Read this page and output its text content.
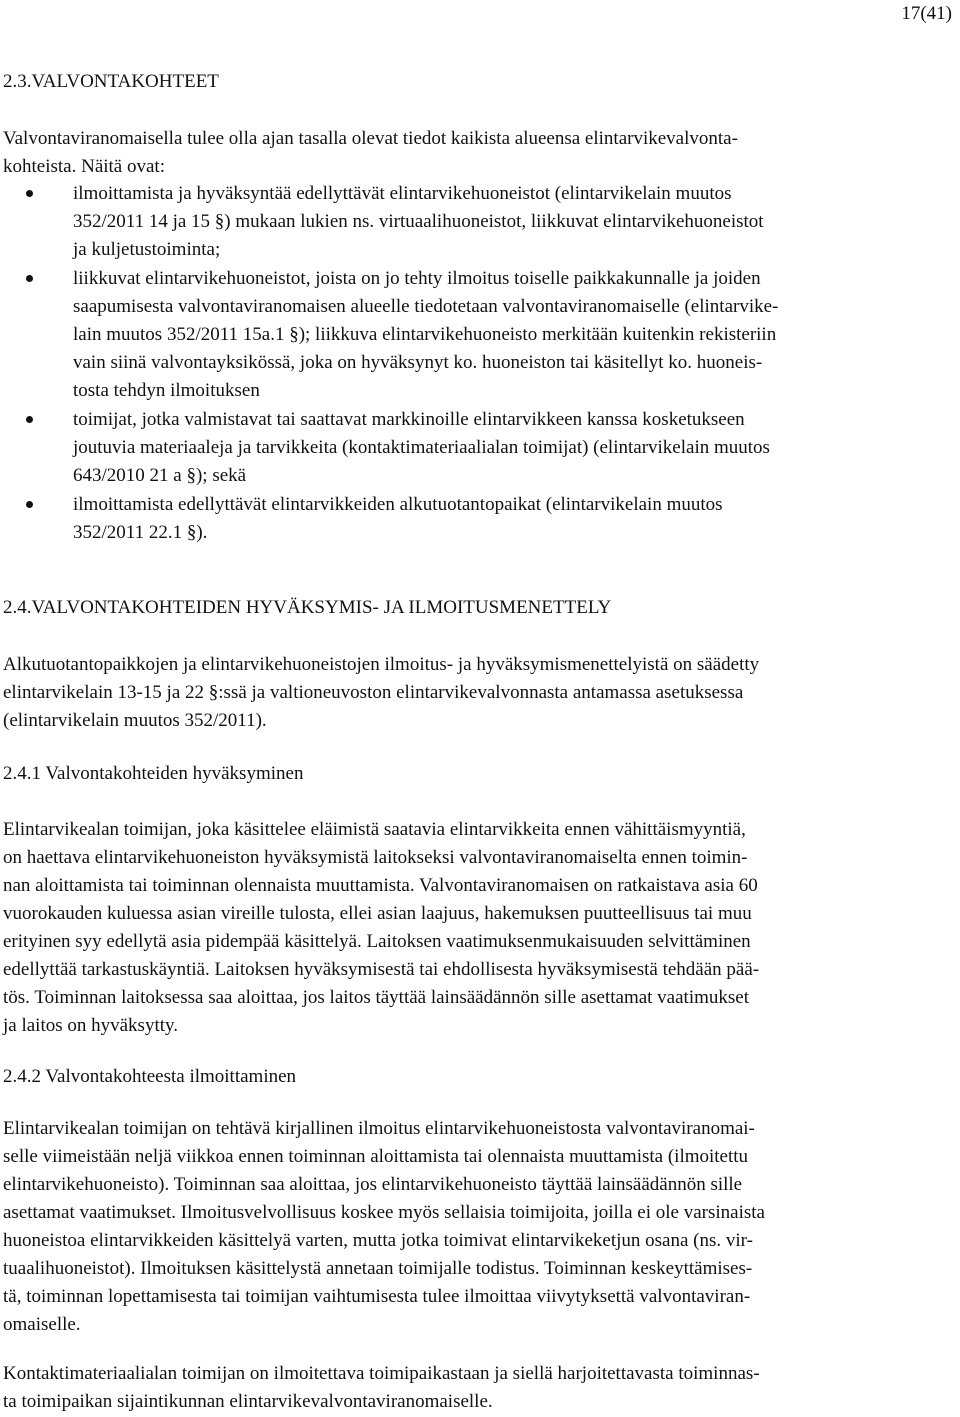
17(41)

2.3.VALVONTAKOHTEET

Valvontaviranomaisella tulee olla ajan tasalla olevat tiedot kaikista alueensa elintarvikevalvonta-
kohteista. Näitä ovat:

ilmoittamista ja hyväksyntää edellyttävät elintarvikehuoneistot (elintarvikelain muutos
352/2011 14 ja 15 §) mukaan lukien ns. virtuaalihuoneistot, liikkuvat elintarvikehuoneistot
ja kuljetustoiminta;
liikkuvat elintarvikehuoneistot, joista on jo tehty ilmoitus toiselle paikkakunnalle ja joiden
saapumisesta valvontaviranomaisen alueelle tiedotetaan valvontaviranomaiselle (elintarvike-
lain muutos 352/2011 15a.1 §); liikkuva elintarvikehuoneisto merkitään kuitenkin rekisteriin
vain siinä valvontayksikössä, joka on hyväksynyt ko. huoneiston tai käsitellyt ko. huoneis-
tosta tehdyn ilmoituksen
toimijat, jotka valmistavat tai saattavat markkinoille elintarvikkeen kanssa kosketukseen
joutuvia materiaaleja ja tarvikkeita (kontaktimateriaalialan toimijat) (elintarvikelain muutos
643/2010 21 a §); sekä
ilmoittamista edellyttävät elintarvikkeiden alkutuotantopaikat (elintarvikelain muutos
352/2011 22.1 §).
2.4.VALVONTAKOHTEIDEN HYVÄKSYMIS- JA ILMOITUSMENETTELY

Alkutuotantopaikkojen ja elintarvikehuoneistojen ilmoitus- ja hyväksymismenettelyistä on säädetty
elintarvikelain 13-15 ja 22 §:ssä ja valtioneuvoston elintarvikevalvonnasta antamassa asetuksessa
(elintarvikelain muutos 352/2011).

2.4.1 Valvontakohteiden hyväksyminen

Elintarvikealan toimijan, joka käsittelee eläimistä saatavia elintarvikkeita ennen vähittäismyyntiä,
on haettava elintarvikehuoneiston hyväksymistä laitokseksi valvontaviranomaiselta ennen toimin-
nan aloittamista tai toiminnan olennaista muuttamista. Valvontaviranomaisen on ratkaistava asia 60
vuorokauden kuluessa asian vireille tulosta, ellei asian laajuus, hakemuksen puutteellisuus tai muu
erityinen syy edellytä asia pidempää käsittelyä. Laitoksen vaatimuksenmukaisuuden selvittäminen
edellyttää tarkastuskäyntiä. Laitoksen hyväksymisestä tai ehdollisesta hyväksymisestä tehdään pää-
tös. Toiminnan laitoksessa saa aloittaa, jos laitos täyttää lainsäädännön sille asettamat vaatimukset
ja laitos on hyväksytty.

2.4.2 Valvontakohteesta ilmoittaminen

Elintarvikealan toimijan on tehtävä kirjallinen ilmoitus elintarvikehuoneistosta valvontaviranomai-
selle viimeistään neljä viikkoa ennen toiminnan aloittamista tai olennaista muuttamista (ilmoitettu
elintarvikehuoneisto). Toiminnan saa aloittaa, jos elintarvikehuoneisto täyttää lainsäädännön sille
asettamat vaatimukset. Ilmoitusvelvollisuus koskee myös sellaisia toimijoita, joilla ei ole varsinaista
huoneistoa elintarvikkeiden käsittelyä varten, mutta jotka toimivat elintarvikeketjun osana (ns. vir-
tuaalihuoneistot). Ilmoituksen käsittelystä annetaan toimijalle todistus. Toiminnan keskeyttämises-
tä, toiminnan lopettamisesta tai toimijan vaihtumisesta tulee ilmoittaa viivytyksettä valvontaviran-
omaiselle.

Kontaktimateriaalialan toimijan on ilmoitettava toimipaikastaan ja siellä harjoitettavasta toiminnas-
ta toimipaikan sijaintikunnan elintarvikevalvontaviranomaiselle.
